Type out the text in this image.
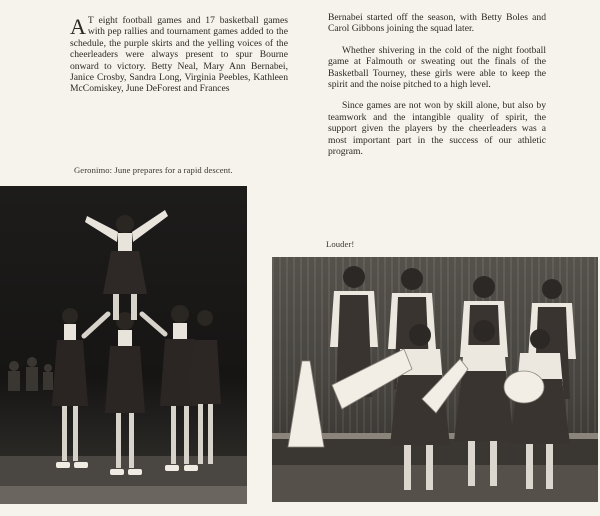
A T eight football games and 17 basketball games with pep rallies and tournament games added to the schedule, the purple skirts and the yelling voices of the cheerleaders were always present to spur Bourne onward to victory. Betty Neal, Mary Ann Bernabei, Janice Crosby, Sandra Long, Virginia Peebles, Kathleen McComiskey, June DeForest and Frances

Bernabei started off the season, with Betty Boles and Carol Gibbons joining the squad later.

Whether shivering in the cold of the night football game at Falmouth or sweating out the finals of the Basketball Tourney, these girls were able to keep the spirit and the noise pitched to a high level.

Since games are not won by skill alone, but also by teamwork and the intangible quality of spirit, the support given the players by the cheerleaders was a most important part in the success of our athletic program.

Geronimo: June prepares for a rapid descent.
Louder!
